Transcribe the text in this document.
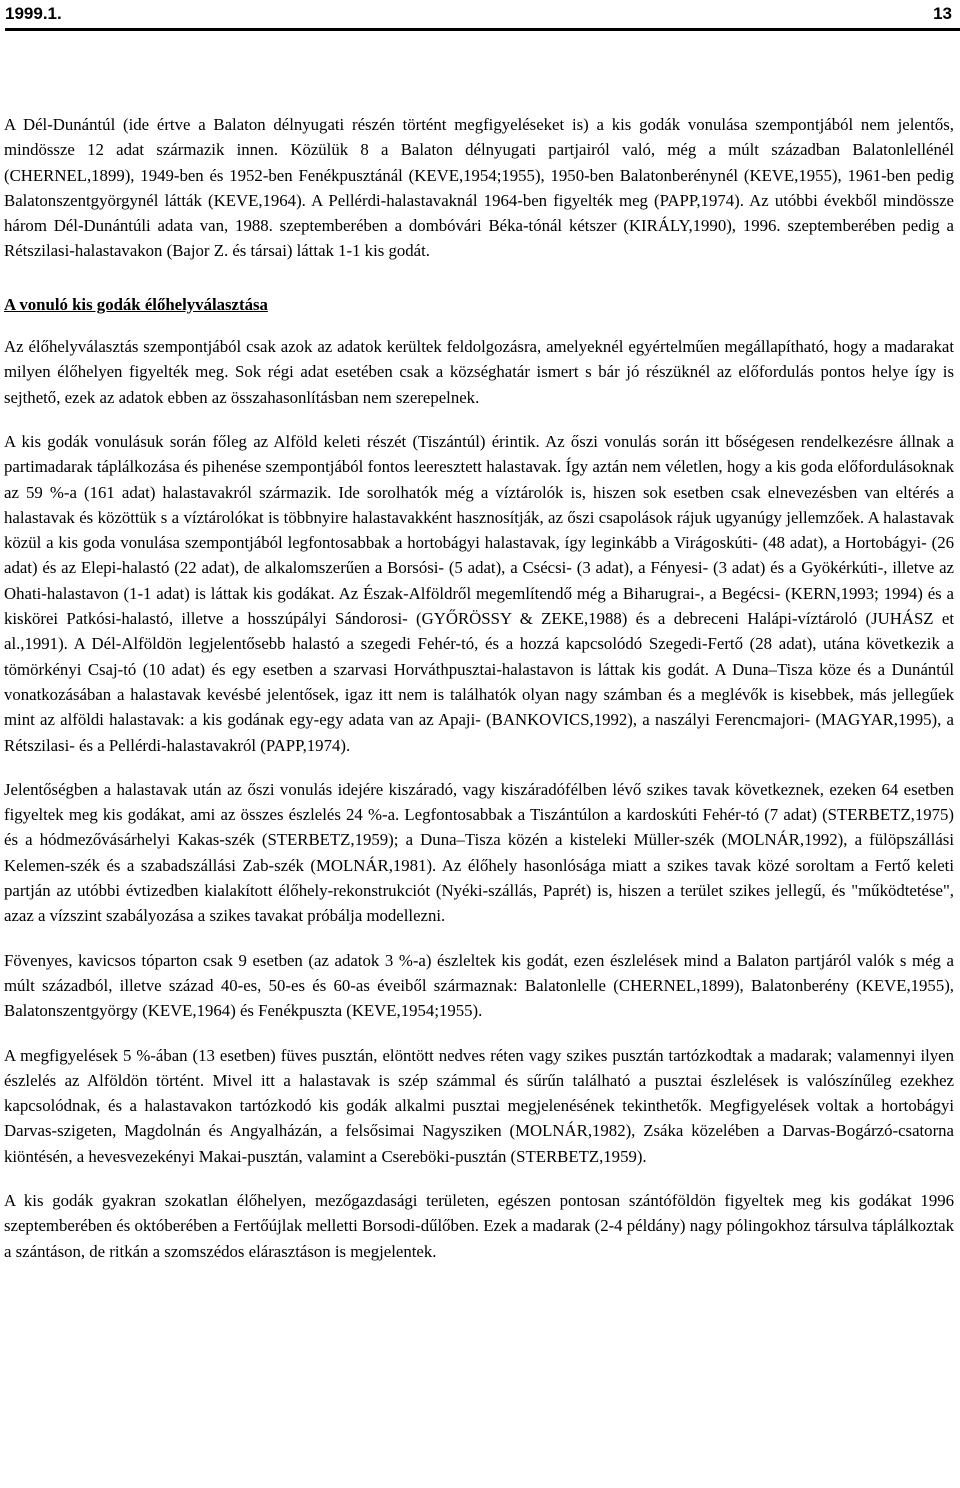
1999.1.	13

A Dél-Dunántúl (ide értve a Balaton délnyugati részén történt megfigyeléseket is) a kis godák vonulása szempontjából nem jelentős, mindössze 12 adat származik innen. Közülük 8 a Balaton délnyugati partjairól való, még a múlt században Balatonlellénél (CHERNEL,1899), 1949-ben és 1952-ben Fenékpusztánál (KEVE,1954;1955), 1950-ben Balatonberénynél (KEVE,1955), 1961-ben pedig Balatonszentgyörgynél látták (KEVE,1964). A Pellérdi-halastavaknál 1964-ben figyelték meg (PAPP,1974). Az utóbbi évekből mindössze három Dél-Dunántúli adata van, 1988. szeptemberében a dombóvári Béka-tónál kétszer (KIRÁLY,1990), 1996. szeptemberében pedig a Rétszilasi-halastavakon (Bajor Z. és társai) láttak 1-1 kis godát.

A vonuló kis godák élőhelyválasztása

Az élőhelyválasztás szempontjából csak azok az adatok kerültek feldolgozásra, amelyeknél egyértelműen megállapítható, hogy a madarakat milyen élőhelyen figyelték meg. Sok régi adat esetében csak a községhatár ismert s bár jó részüknél az előfordulás pontos helye így is sejthető, ezek az adatok ebben az összahasonlításban nem szerepelnek.

A kis godák vonulásuk során főleg az Alföld keleti részét (Tiszántúl) érintik. Az őszi vonulás során itt bőségesen rendelkezésre állnak a partimadarak táplálkozása és pihenése szempontjából fontos leeresztett halastavak. Így aztán nem véletlen, hogy a kis goda előfordulásoknak az 59 %-a (161 adat) halastavakról származik. Ide sorolhatók még a víztárolók is, hiszen sok esetben csak elnevezésben van eltérés a halastavak és közöttük s a víztárolókat is többnyire halastavakként hasznosítják, az őszi csapolások rájuk ugyanúgy jellemzőek. A halastavak közül a kis goda vonulása szempontjából legfontosabbak a hortobágyi halastavak, így leginkább a Virágoskúti- (48 adat), a Hortobágyi- (26 adat) és az Elepi-halastó (22 adat), de alkalomszerűen a Borsósi- (5 adat), a Csécsi- (3 adat), a Fényesi- (3 adat) és a Gyökérkúti-, illetve az Ohati-halastavon (1-1 adat) is láttak kis godákat. Az Észak-Alföldről megemlítendő még a Biharugrai-, a Begécsi- (KERN,1993; 1994) és a kiskörei Patkósi-halastó, illetve a hosszúpályi Sándorosi- (GYŐRÖSSY & ZEKE,1988) és a debreceni Halápi-víztároló (JUHÁSZ et al.,1991). A Dél-Alföldön legjelentősebb halastó a szegedi Fehér-tó, és a hozzá kapcsolódó Szegedi-Fertő (28 adat), utána következik a tömörkényi Csaj-tó (10 adat) és egy esetben a szarvasi Horváthpusztai-halastavon is láttak kis godát. A Duna–Tisza köze és a Dunántúl vonatkozásában a halastavak kevésbé jelentősek, igaz itt nem is találhatók olyan nagy számban és a meglévők is kisebbek, más jellegűek mint az alföldi halastavak: a kis godának egy-egy adata van az Apaji- (BANKOVICS,1992), a naszályi Ferencmajori- (MAGYAR,1995), a Rétszilasi- és a Pellérdi-halastavakról (PAPP,1974).

Jelentőségben a halastavak után az őszi vonulás idejére kiszáradó, vagy kiszáradófélben lévő szikes tavak következnek, ezeken 64 esetben figyeltek meg kis godákat, ami az összes észlelés 24 %-a. Legfontosabbak a Tiszántúlon a kardoskúti Fehér-tó (7 adat) (STERBETZ,1975) és a hódmezővásárhelyi Kakas-szék (STERBETZ,1959); a Duna–Tisza közén a kisteleki Müller-szék (MOLNÁR,1992), a fülöpszállási Kelemen-szék és a szabadszállási Zab-szék (MOLNÁR,1981). Az élőhely hasonlósága miatt a szikes tavak közé soroltam a Fertő keleti partján az utóbbi évtizedben kialakított élőhely-rekonstrukciót (Nyéki-szállás, Paprét) is, hiszen a terület szikes jellegű, és "működtetése", azaz a vízszint szabályozása a szikes tavakat próbálja modellezni.

Fövenyes, kavicsos tóparton csak 9 esetben (az adatok 3 %-a) észleltek kis godát, ezen észlelések mind a Balaton partjáról valók s még a múlt századból, illetve század 40-es, 50-es és 60-as éveiből származnak: Balatonlelle (CHERNEL,1899), Balatonberény (KEVE,1955), Balatonszentgyörgy (KEVE,1964) és Fenékpuszta (KEVE,1954;1955).

A megfigyelések 5 %-ában (13 esetben) füves pusztán, elöntött nedves réten vagy szikes pusztán tartózkodtak a madarak; valamennyi ilyen észlelés az Alföldön történt. Mivel itt a halastavak is szép számmal és sűrűn található a pusztai észlelések is valószínűleg ezekhez kapcsolódnak, és a halastavakon tartózkodó kis godák alkalmi pusztai megjelenésének tekinthetők. Megfigyelések voltak a hortobágyi Darvas-szigeten, Magdolnán és Angyalházán, a felsősimai Nagysziken (MOLNÁR,1982), Zsáka közelében a Darvas-Bogárzó-csatorna kiöntésén, a hevesvezekényi Makai-pusztán, valamint a Csereböki-pusztán (STERBETZ,1959).

A kis godák gyakran szokatlan élőhelyen, mezőgazdasági területen, egészen pontosan szántóföldön figyeltek meg kis godákat 1996 szeptemberében és októberében a Fertőújlak melletti Borsodi-dűlőben. Ezek a madarak (2-4 példány) nagy pólingokhoz társulva táplálkoztak a szántáson, de ritkán a szomszédos elárasztáson is megjelentek.
